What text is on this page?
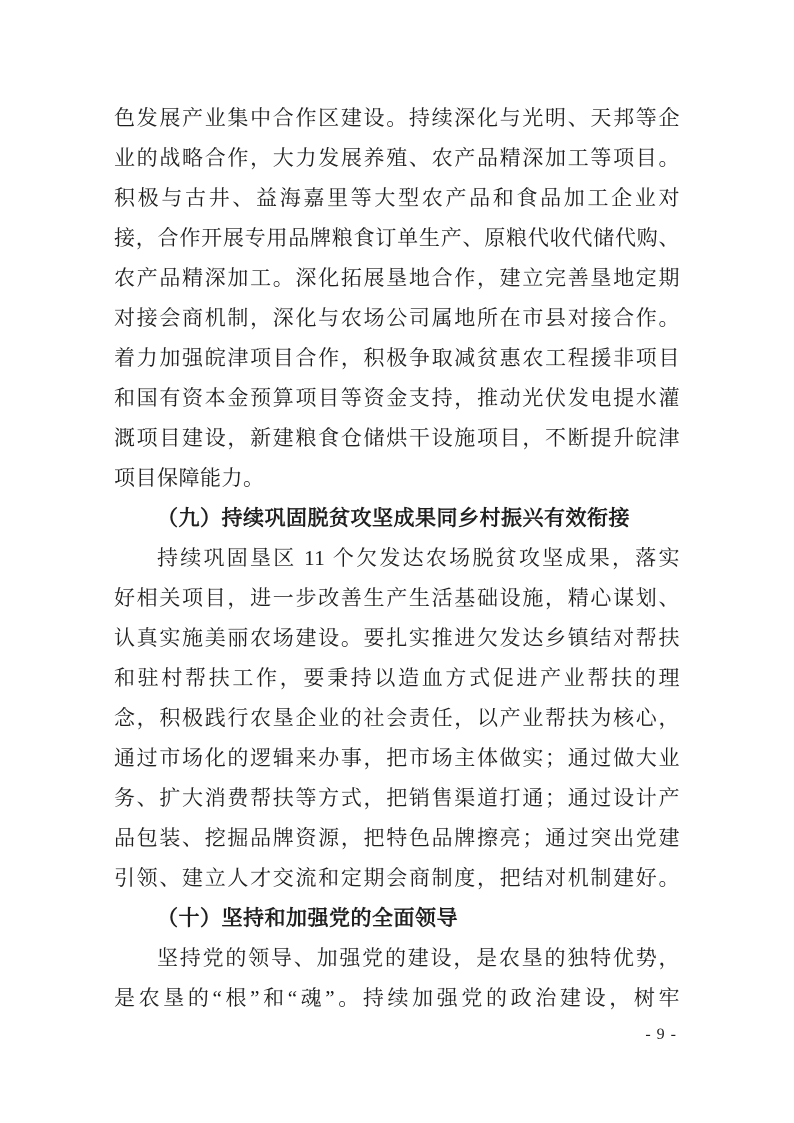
色发展产业集中合作区建设。持续深化与光明、天邦等企
业的战略合作，大力发展养殖、农产品精深加工等项目。
积极与古井、益海嘉里等大型农产品和食品加工企业对
接，合作开展专用品牌粮食订单生产、原粮代收代储代购、
农产品精深加工。深化拓展垦地合作，建立完善垦地定期
对接会商机制，深化与农场公司属地所在市县对接合作。
着力加强皖津项目合作，积极争取减贫惠农工程援非项目
和国有资本金预算项目等资金支持，推动光伏发电提水灌
溉项目建设，新建粮食仓储烘干设施项目，不断提升皖津
项目保障能力。
（九）持续巩固脱贫攻坚成果同乡村振兴有效衔接
持续巩固垦区 11 个欠发达农场脱贫攻坚成果，落实
好相关项目，进一步改善生产生活基础设施，精心谋划、
认真实施美丽农场建设。要扎实推进欠发达乡镇结对帮扶
和驻村帮扶工作，要秉持以造血方式促进产业帮扶的理
念，积极践行农垦企业的社会责任，以产业帮扶为核心，
通过市场化的逻辑来办事，把市场主体做实；通过做大业
务、扩大消费帮扶等方式，把销售渠道打通；通过设计产
品包装、挖掘品牌资源，把特色品牌擦亮；通过突出党建
引领、建立人才交流和定期会商制度，把结对机制建好。
（十）坚持和加强党的全面领导
坚持党的领导、加强党的建设，是农垦的独特优势，
是农垦的“根”和“魂”。持续加强党的政治建设，树牢
- 9 -
